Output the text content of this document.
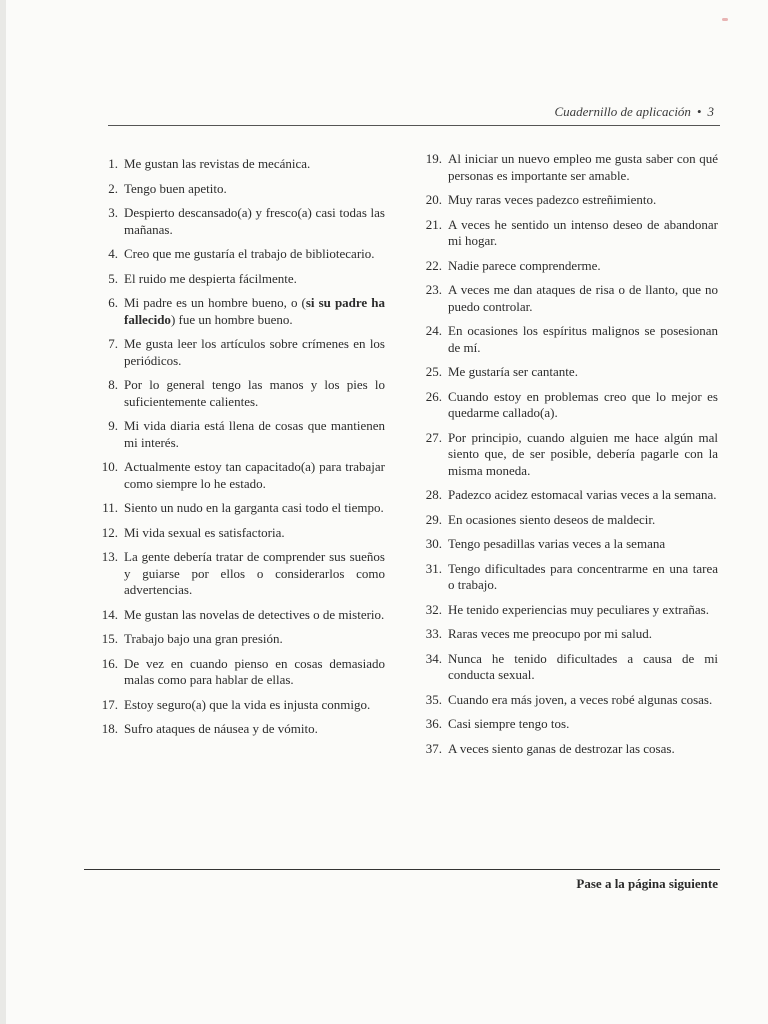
Cuadernillo de aplicación • 3
1. Me gustan las revistas de mecánica.
2. Tengo buen apetito.
3. Despierto descansado(a) y fresco(a) casi todas las mañanas.
4. Creo que me gustaría el trabajo de bibliotecario.
5. El ruido me despierta fácilmente.
6. Mi padre es un hombre bueno, o (si su padre ha fallecido) fue un hombre bueno.
7. Me gusta leer los artículos sobre crímenes en los periódicos.
8. Por lo general tengo las manos y los pies lo suficientemente calientes.
9. Mi vida diaria está llena de cosas que mantienen mi interés.
10. Actualmente estoy tan capacitado(a) para trabajar como siempre lo he estado.
11. Siento un nudo en la garganta casi todo el tiempo.
12. Mi vida sexual es satisfactoria.
13. La gente debería tratar de comprender sus sueños y guiarse por ellos o considerarlos como advertencias.
14. Me gustan las novelas de detectives o de misterio.
15. Trabajo bajo una gran presión.
16. De vez en cuando pienso en cosas demasiado malas como para hablar de ellas.
17. Estoy seguro(a) que la vida es injusta conmigo.
18. Sufro ataques de náusea y de vómito.
19. Al iniciar un nuevo empleo me gusta saber con qué personas es importante ser amable.
20. Muy raras veces padezco estreñimiento.
21. A veces he sentido un intenso deseo de abandonar mi hogar.
22. Nadie parece comprenderme.
23. A veces me dan ataques de risa o de llanto, que no puedo controlar.
24. En ocasiones los espíritus malignos se posesionan de mí.
25. Me gustaría ser cantante.
26. Cuando estoy en problemas creo que lo mejor es quedarme callado(a).
27. Por principio, cuando alguien me hace algún mal siento que, de ser posible, debería pagarle con la misma moneda.
28. Padezco acidez estomacal varias veces a la semana.
29. En ocasiones siento deseos de maldecir.
30. Tengo pesadillas varias veces a la semana
31. Tengo dificultades para concentrarme en una tarea o trabajo.
32. He tenido experiencias muy peculiares y extrañas.
33. Raras veces me preocupo por mi salud.
34. Nunca he tenido dificultades a causa de mi conducta sexual.
35. Cuando era más joven, a veces robé algunas cosas.
36. Casi siempre tengo tos.
37. A veces siento ganas de destrozar las cosas.
Pase a la página siguiente
